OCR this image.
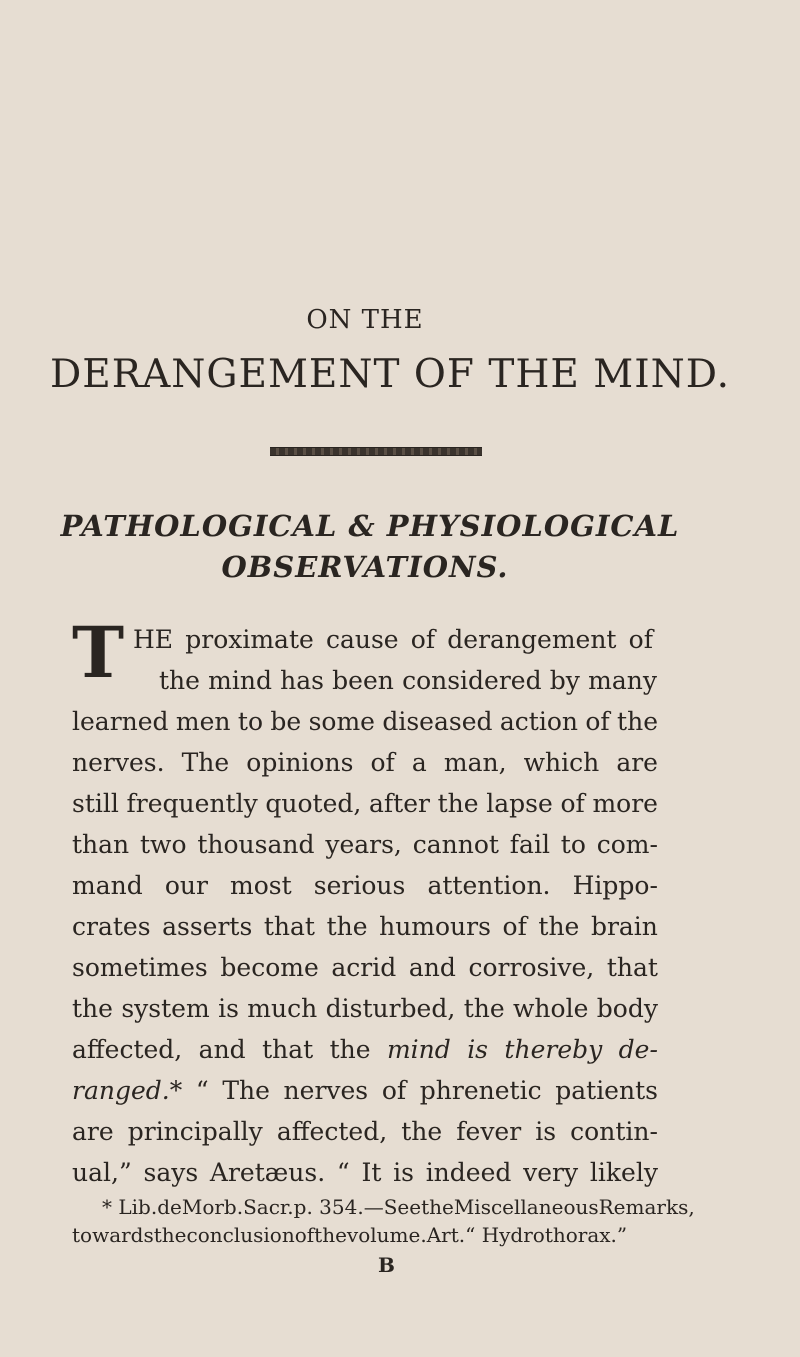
ON THE
DERANGEMENT OF THE MIND.
PATHOLOGICAL & PHYSIOLOGICAL
OBSERVATIONS.
T HE proximate cause of derangement of
the mind has been considered by many
learned men to be some diseased action of the
nerves. The opinions of a man, which are
still frequently quoted, after the lapse of more
than two thousand years, cannot fail to com-
mand our most serious attention. Hippo-
crates asserts that the humours of the brain
sometimes become acrid and corrosive, that
the system is much disturbed, the whole body
affected, and that the mind is thereby de-
ranged.* “ The nerves of phrenetic patients
are principally affected, the fever is contin-
ual,” says Aretæus. “ It is indeed very likely
* Lib. de Morb. Sacr. p. 354.—See the Miscellaneous Remarks,
towards the conclusion of the volume. Art. “ Hydrothorax.”
B
